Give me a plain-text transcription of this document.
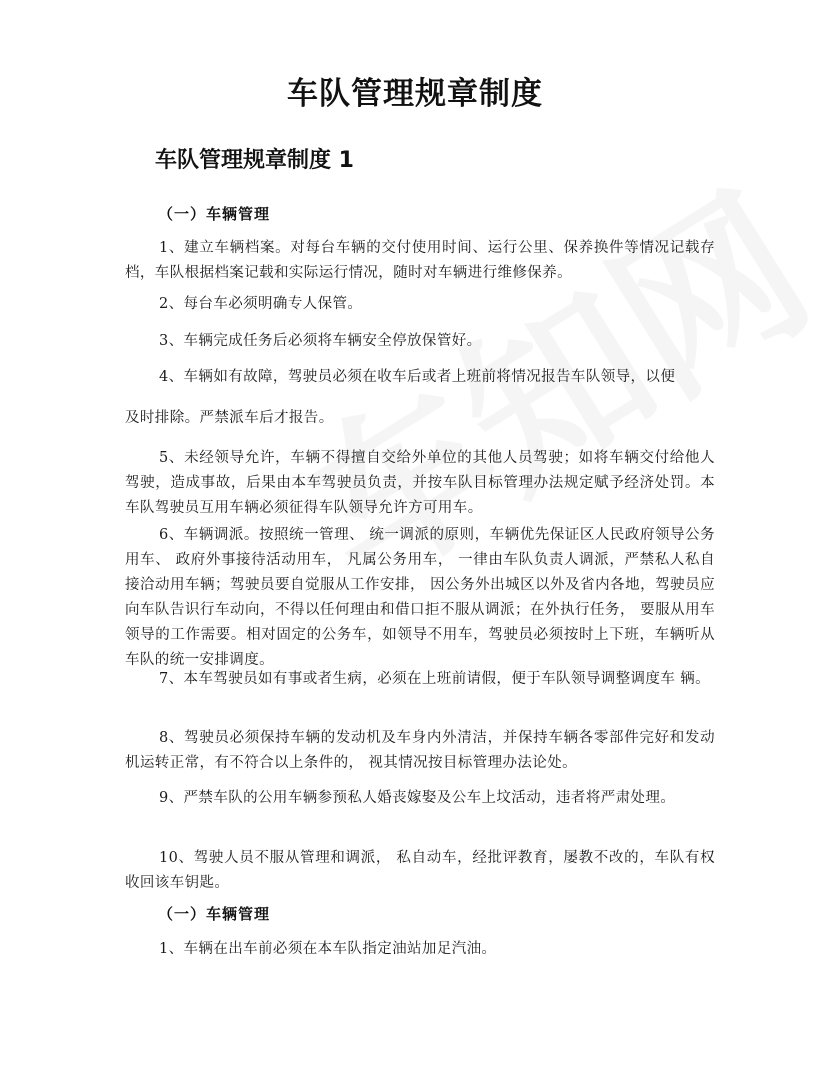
车队管理规章制度
车队管理规章制度 1
（一）车辆管理

1、建立车辆档案。对每台车辆的交付使用时间、运行公里、保养换件等情况记载存档，车队根据档案记载和实际运行情况，随时对车辆进行维修保养。

2、每台车必须明确专人保管。

3、车辆完成任务后必须将车辆安全停放保管好。

4、车辆如有故障，驾驶员必须在收车后或者上班前将情况报告车队领导，以便

及时排除。严禁派车后才报告。

5、未经领导允许，车辆不得擅自交给外单位的其他人员驾驶；如将车辆交付给他人驾驶，造成事故，后果由本车驾驶员负责，并按车队目标管理办法规定赋予经济处罚。本车队驾驶员互用车辆必须征得车队领导允许方可用车。

6、车辆调派。按照统一管理、 统一调派的原则，车辆优先保证区人民政府领导公务用车、 政府外事接待活动用车， 凡属公务用车， 一律由车队负责人调派，严禁私人私自接洽动用车辆；驾驶员要自觉服从工作安排， 因公务外出城区以外及省内各地，驾驶员应向车队告识行车动向，不得以任何理由和借口拒不服从调派；在外执行任务， 要服从用车领导的工作需要。相对固定的公务车，如领导不用车，驾驶员必须按时上下班，车辆听从车队的统一安排调度。

7、本车驾驶员如有事或者生病，必须在上班前请假，便于车队领导调整调度车 辆。

8、驾驶员必须保持车辆的发动机及车身内外清洁，并保持车辆各零部件完好和发动机运转正常，有不符合以上条件的， 视其情况按目标管理办法论处。

9、严禁车队的公用车辆参预私人婚丧嫁娶及公车上坟活动，违者将严肃处理。

10、驾驶人员不服从管理和调派， 私自动车，经批评教育，屡教不改的，车队有权收回该车钥匙。

（一）车辆管理

1、车辆在出车前必须在本车队指定油站加足汽油。
